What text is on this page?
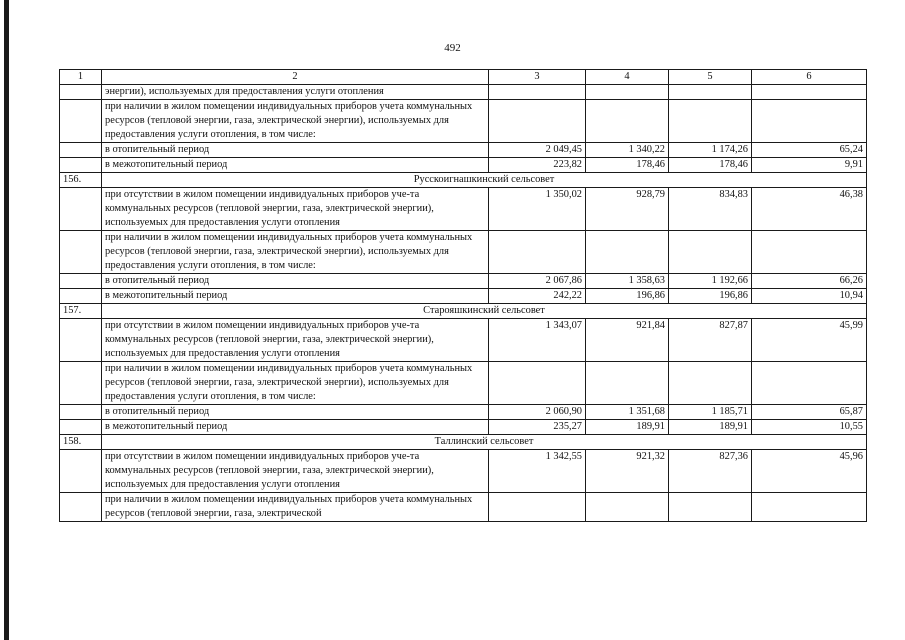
492
1	2	3	4	5	6
	энергии), используемых для предоставления услуги отопления				
	при наличии в жилом помещении индивидуальных приборов учета коммунальных ресурсов (тепловой энергии, газа, электрической энергии), используемых для предоставления услуги отопления, в том числе:				
	в отопительный период	2 049,45	1 340,22	1 174,26	65,24
	в межотопительный период	223,82	178,46	178,46	9,91
156.	Русскоигнашкинский сельсовет				
	при отсутствии в жилом помещении индивидуальных приборов уче-та коммунальных ресурсов (тепловой энергии, газа, электрической энергии), используемых для предоставления услуги отопления	1 350,02	928,79	834,83	46,38
	при наличии в жилом помещении индивидуальных приборов учета коммунальных ресурсов (тепловой энергии, газа, электрической энергии), используемых для предоставления услуги отопления, в том числе:				
	в отопительный период	2 067,86	1 358,63	1 192,66	66,26
	в межотопительный период	242,22	196,86	196,86	10,94
157.	Старояшкинский сельсовет				
	при отсутствии в жилом помещении индивидуальных приборов уче-та коммунальных ресурсов (тепловой энергии, газа, электрической энергии), используемых для предоставления услуги отопления	1 343,07	921,84	827,87	45,99
	при наличии в жилом помещении индивидуальных приборов учета коммунальных ресурсов (тепловой энергии, газа, электрической энергии), используемых для предоставления услуги отопления, в том числе:				
	в отопительный период	2 060,90	1 351,68	1 185,71	65,87
	в межотопительный период	235,27	189,91	189,91	10,55
158.	Таллинский сельсовет				
	при отсутствии в жилом помещении индивидуальных приборов уче-та коммунальных ресурсов (тепловой энергии, газа, электрической энергии), используемых для предоставления услуги отопления	1 342,55	921,32	827,36	45,96
	при наличии в жилом помещении индивидуальных приборов учета коммунальных ресурсов (тепловой энергии, газа, электрической				
